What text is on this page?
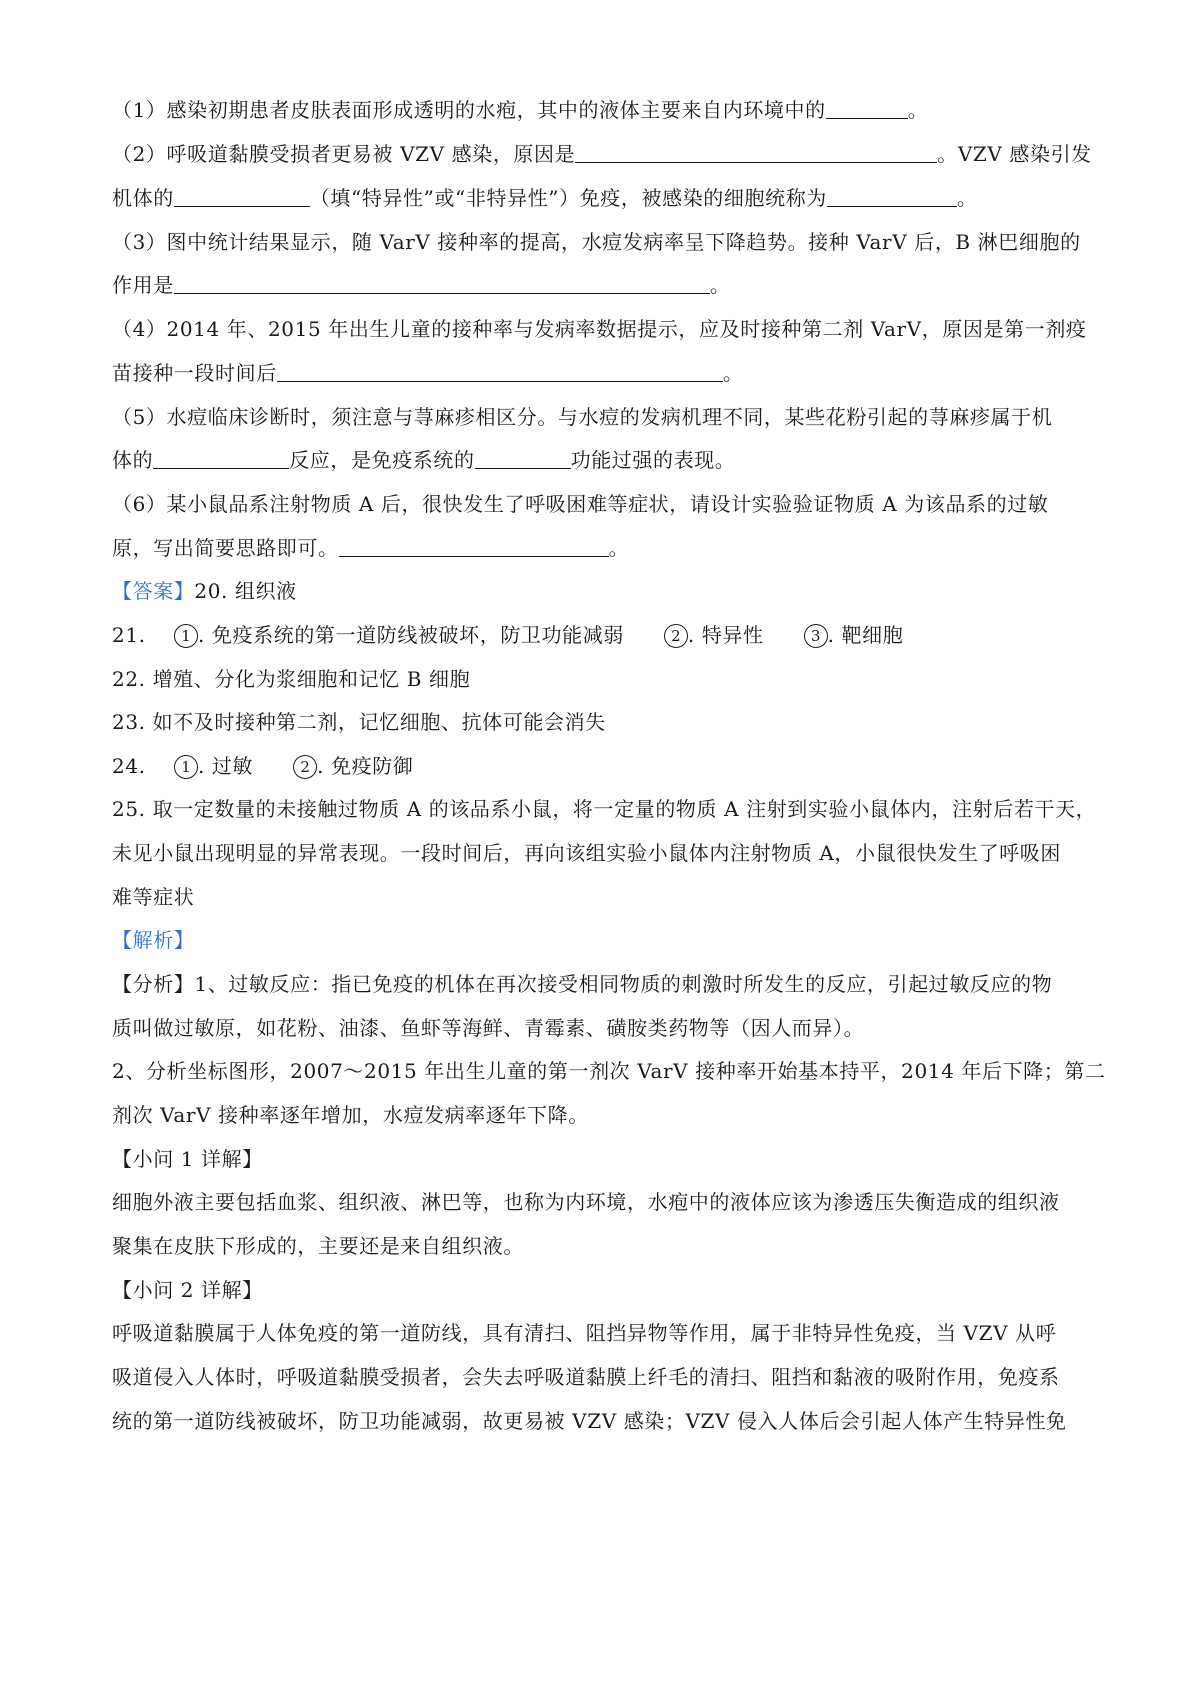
（1）感染初期患者皮肤表面形成透明的水疱，其中的液体主要来自内环境中的	。
（2）呼吸道黏膜受损者更易被 VZV 感染，原因是	。VZV 感染引发
机体的	（填“特异性”或“非特异性”）免疫，被感染的细胞统称为	。
（3）图中统计结果显示，随 VarV 接种率的提高，水痘发病率呈下降趋势。接种 VarV 后，B 淋巴细胞的
作用是	。
（4）2014 年、2015 年出生儿童的接种率与发病率数据提示，应及时接种第二剂 VarV，原因是第一剂疫
苗接种一段时间后	。
（5）水痘临床诊断时，须注意与荨麻疹相区分。与水痘的发病机理不同，某些花粉引起的荨麻疹属于机
体的	反应，是免疫系统的	功能过强的表现。
（6）某小鼠品系注射物质 A 后，很快发生了呼吸困难等症状，请设计实验验证物质 A 为该品系的过敏
原，写出简要思路即可。	。
【答案】20. 组织液
21. 1 . 免疫系统的第一道防线被破坏，防卫功能减弱	2 . 特异性	3 . 靶细胞
22. 增殖、分化为浆细胞和记忆 B 细胞
23. 如不及时接种第二剂，记忆细胞、抗体可能会消失
24. 1 . 过敏	2 . 免疫防御
25. 取一定数量的未接触过物质 A 的该品系小鼠，将一定量的物质 A 注射到实验小鼠体内，注射后若干天，
未见小鼠出现明显的异常表现。一段时间后，再向该组实验小鼠体内注射物质 A，小鼠很快发生了呼吸困
难等症状
【解析】
【分析】1、过敏反应：指已免疫的机体在再次接受相同物质的刺激时所发生的反应，引起过敏反应的物
质叫做过敏原，如花粉、油漆、鱼虾等海鲜、青霉素、磺胺类药物等（因人而异）。
2、分析坐标图形，2007～2015 年出生儿童的第一剂次 VarV 接种率开始基本持平，2014 年后下降；第二
剂次 VarV 接种率逐年增加，水痘发病率逐年下降。
【小问 1 详解】
细胞外液主要包括血浆、组织液、淋巴等，也称为内环境，水疱中的液体应该为渗透压失衡造成的组织液
聚集在皮肤下形成的，主要还是来自组织液。
【小问 2 详解】
呼吸道黏膜属于人体免疫的第一道防线，具有清扫、阻挡异物等作用，属于非特异性免疫，当 VZV 从呼
吸道侵入人体时，呼吸道黏膜受损者，会失去呼吸道黏膜上纤毛的清扫、阻挡和黏液的吸附作用，免疫系
统的第一道防线被破坏，防卫功能减弱，故更易被 VZV 感染；VZV 侵入人体后会引起人体产生特异性免
